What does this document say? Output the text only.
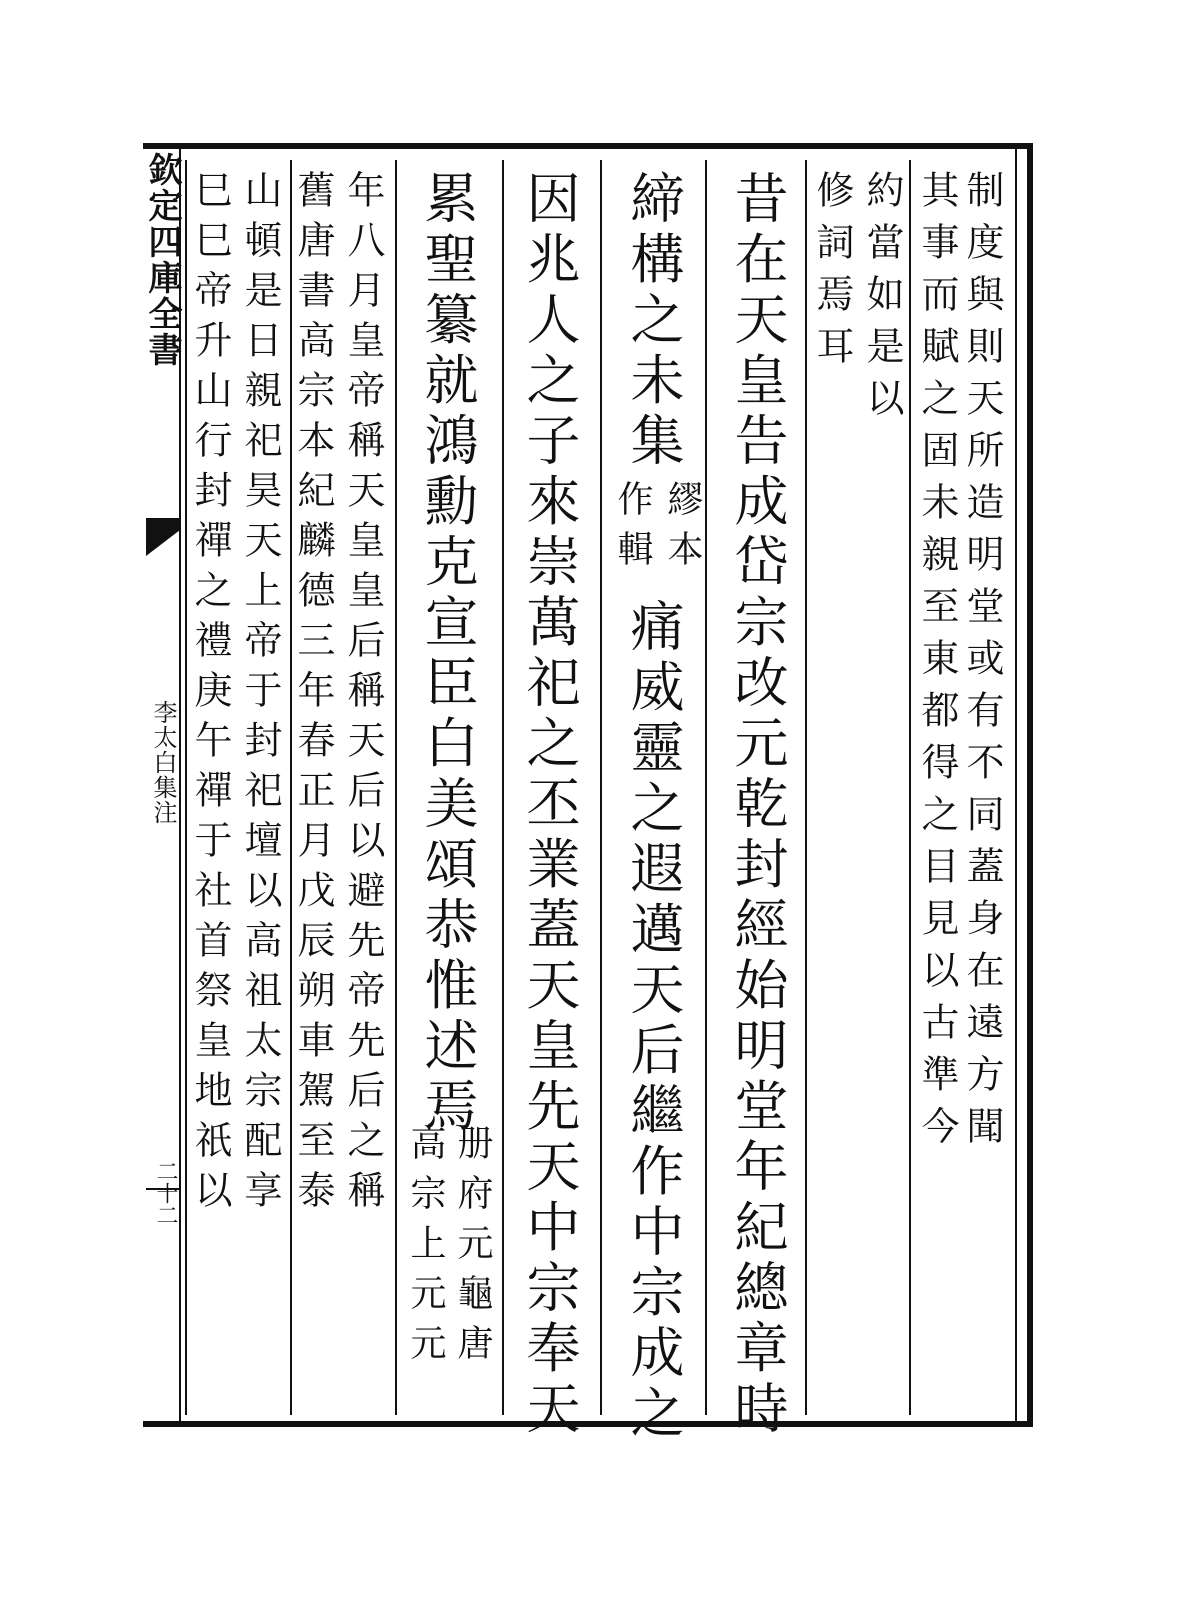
欽定四庫全書
李太白集注
二十二
制度與則天所造明堂或有不同蓋身在遠方聞
其事而賦之固未親至東都得之目見以古準今
約當如是以
修詞焉耳
昔在天皇告成岱宗改元乾封經始明堂年紀總章時
締構之未集
繆本
作輯
痛威靈之遐邁天后繼作中宗成之
因兆人之子來崇萬祀之丕業蓋天皇先天中宗奉天
累聖纂就鴻勳克宣臣白美頌恭惟述焉
册府元龜唐
高宗上元元
年八月皇帝稱天皇皇后稱天后以避先帝先后之稱
舊唐書高宗本紀麟德三年春正月戊辰朔車駕至泰
山頓是日親祀昊天上帝于封祀壇以高祖太宗配享
巳巳帝升山行封禪之禮庚午禪于社首祭皇地祇以
